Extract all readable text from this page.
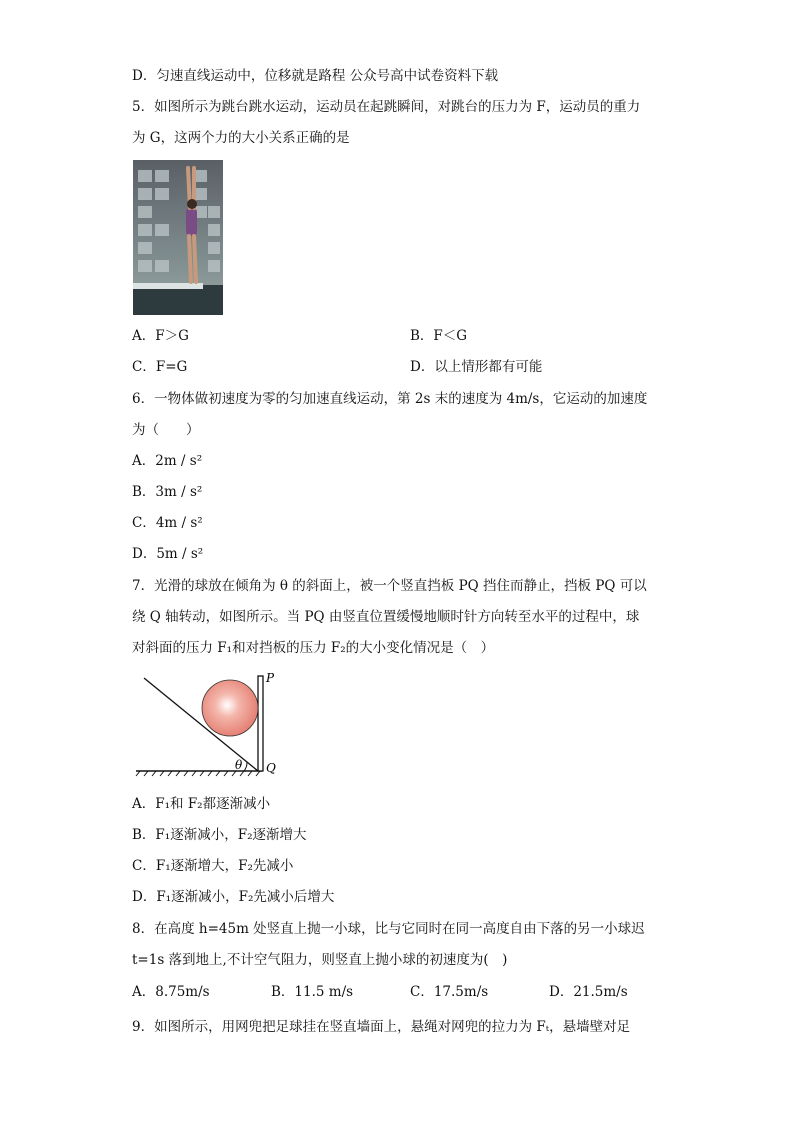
D．匀速直线运动中，位移就是路程 公众号高中试卷资料下载
5．如图所示为跳台跳水运动，运动员在起跳瞬间，对跳台的压力为 F，运动员的重力
为 G，这两个力的大小关系正确的是
A．F＞G	B．F＜G
C．F=G	D．以上情形都有可能
6．一物体做初速度为零的匀加速直线运动，第 2s 末的速度为 4m/s，它运动的加速度
为（　　）
A．2m / s²
B．3m / s²
C．4m / s²
D．5m / s²
7．光滑的球放在倾角为 θ 的斜面上，被一个竖直挡板 PQ 挡住而静止，挡板 PQ 可以
绕 Q 轴转动，如图所示。当 PQ 由竖直位置缓慢地顺时针方向转至水平的过程中，球
对斜面的压力 F₁和对挡板的压力 F₂的大小变化情况是（　）
θ
P
Q
A．F₁和 F₂都逐渐减小
B．F₁逐渐减小，F₂逐渐增大
C．F₁逐渐增大，F₂先减小
D．F₁逐渐减小，F₂先减小后增大
8．在高度 h=45m 处竖直上抛一小球，比与它同时在同一高度自由下落的另一小球迟
t=1s 落到地上,不计空气阻力，则竖直上抛小球的初速度为(　)
A．8.75m/s	B．11.5 m/s	C．17.5m/s	D．21.5m/s
9．如图所示，用网兜把足球挂在竖直墙面上，悬绳对网兜的拉力为 Fₜ，悬墙壁对足
